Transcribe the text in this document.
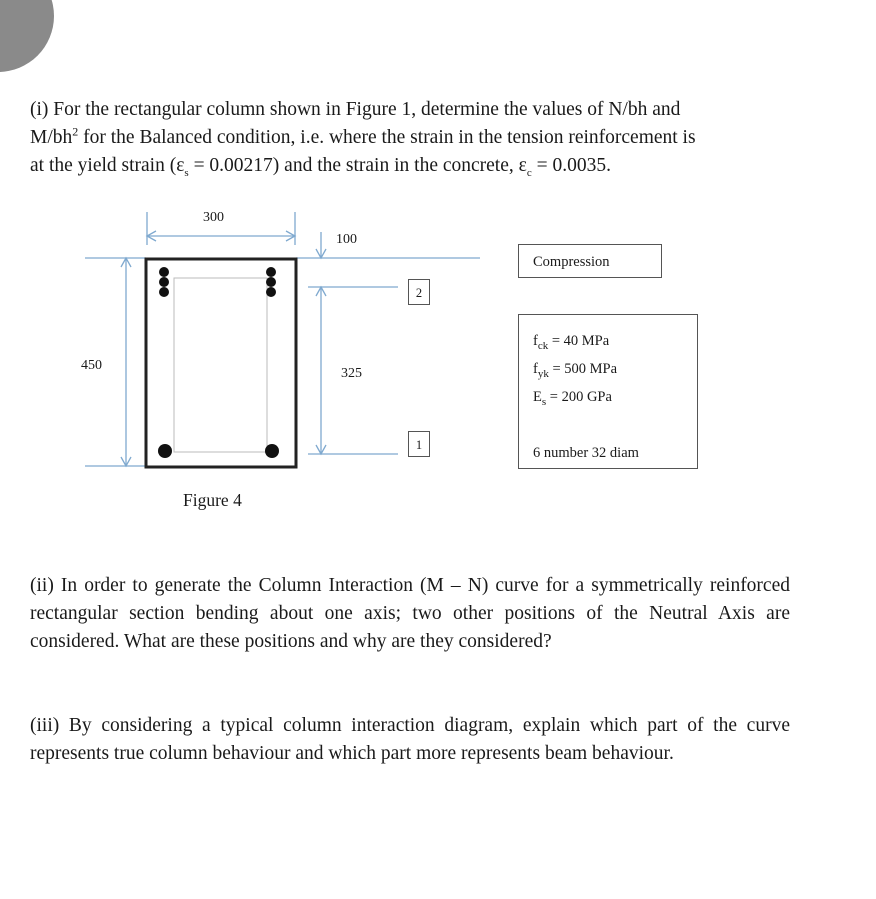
(i) For the rectangular column shown in Figure 1, determine the values of N/bh and

$M/bh^2$ for the Balanced condition, i.e. where the strain in the tension reinforcement is

at the yield strain $(\varepsilon_s = 0.00217)$ and the strain in the concrete, $\varepsilon_c = 0.0035$.

300
450
100
325
2
1
Compression
$f_{ck} = 40$ MPa
$f_{yk} = 500$ MPa
$E_s = 200$ GPa
6 number 32 diam
Figure 4

(ii) In order to generate the Column Interaction (M – N) curve for a symmetrically reinforced rectangular section bending about one axis; two other positions of the Neutral Axis are considered. What are these positions and why are they considered?

(iii) By considering a typical column interaction diagram, explain which part of the curve represents true column behaviour and which part more represents beam behaviour.
